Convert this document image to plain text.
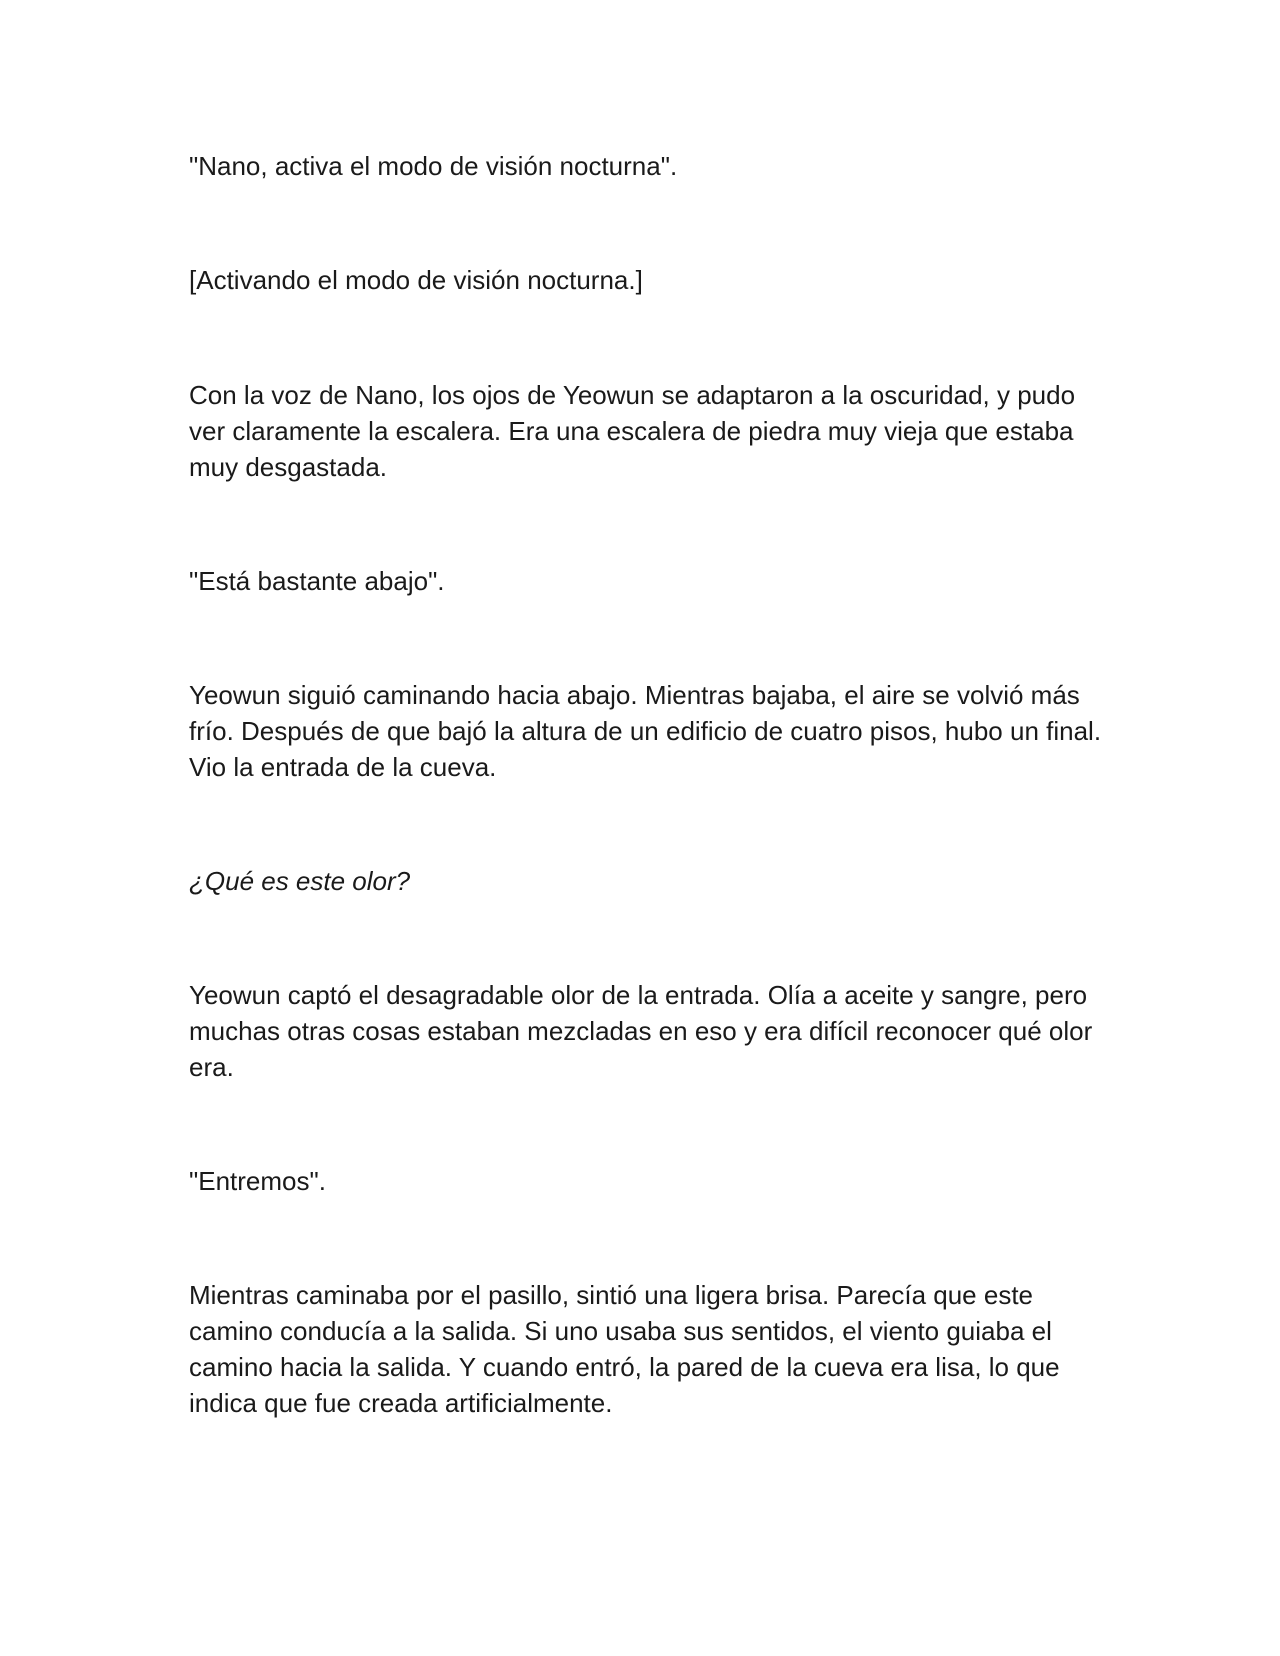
"Nano, activa el modo de visión nocturna".

[Activando el modo de visión nocturna.]

Con la voz de Nano, los ojos de Yeowun se adaptaron a la oscuridad, y pudo ver claramente la escalera. Era una escalera de piedra muy vieja que estaba muy desgastada.

"Está bastante abajo".

Yeowun siguió caminando hacia abajo. Mientras bajaba, el aire se volvió más frío. Después de que bajó la altura de un edificio de cuatro pisos, hubo un final. Vio la entrada de la cueva.

¿Qué es este olor?

Yeowun captó el desagradable olor de la entrada. Olía a aceite y sangre, pero muchas otras cosas estaban mezcladas en eso y era difícil reconocer qué olor era.

"Entremos".

Mientras caminaba por el pasillo, sintió una ligera brisa. Parecía que este camino conducía a la salida. Si uno usaba sus sentidos, el viento guiaba el camino hacia la salida. Y cuando entró, la pared de la cueva era lisa, lo que indica que fue creada artificialmente.
